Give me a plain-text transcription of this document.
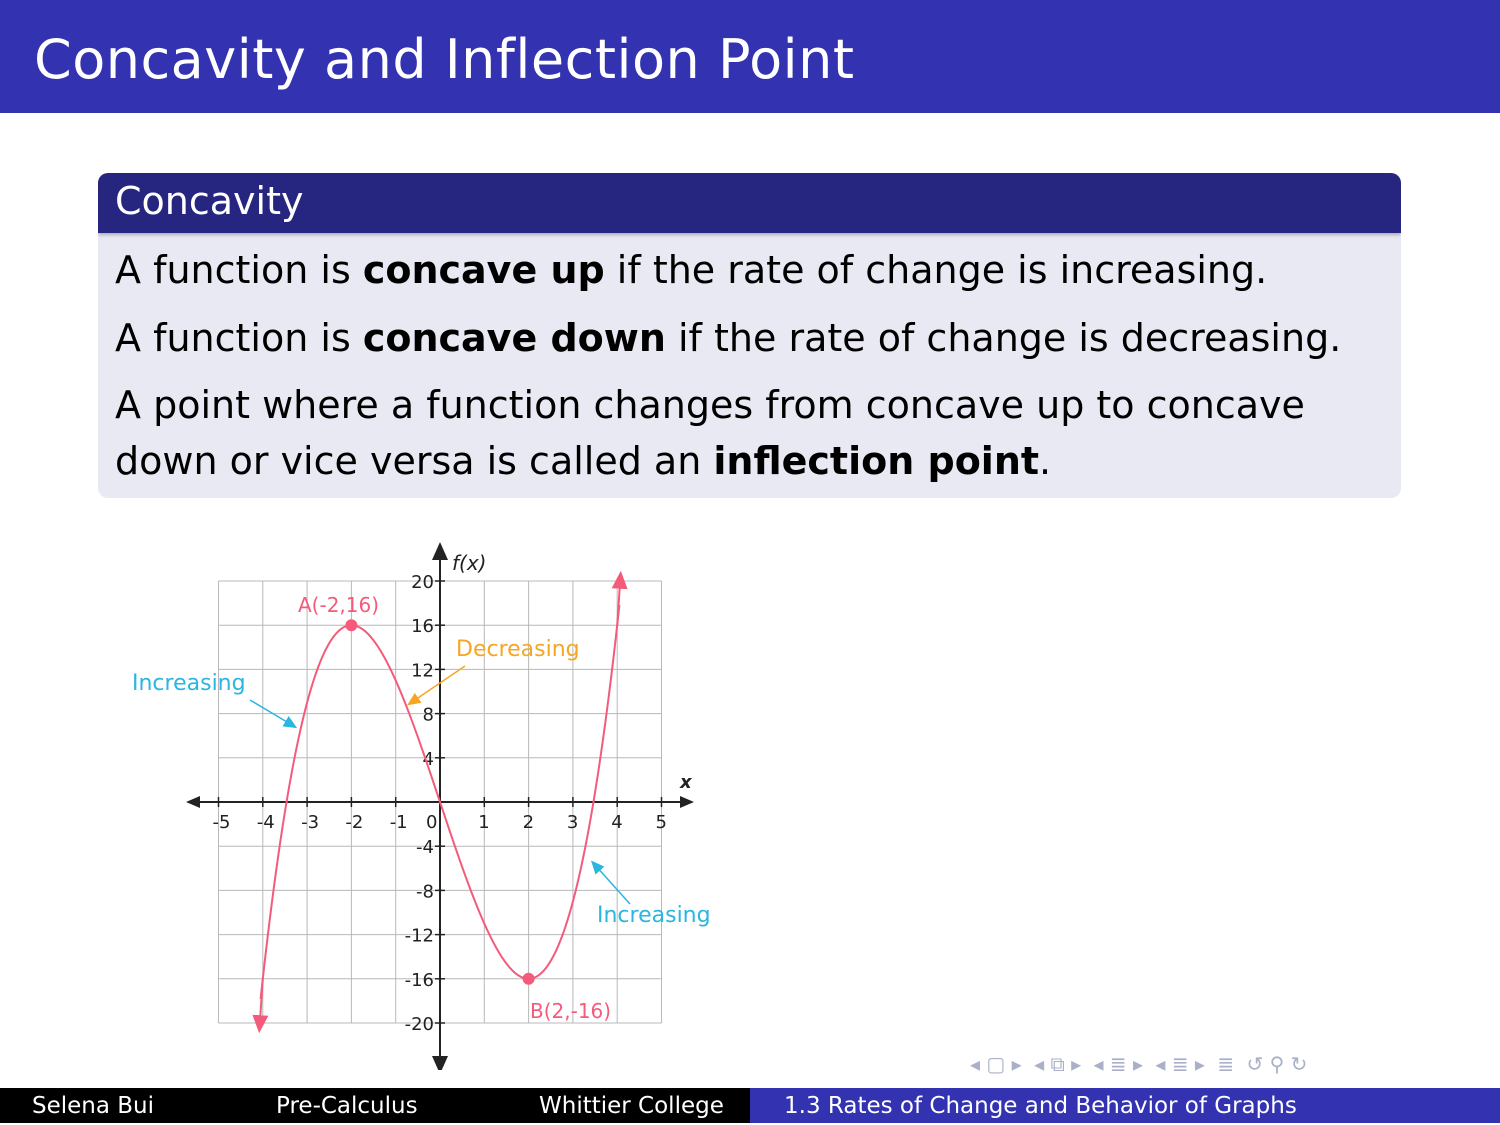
Concavity and Inflection Point
Concavity
A function is concave up if the rate of change is increasing.
A function is concave down if the rate of change is decreasing.
A point where a function changes from concave up to concave
down or vice versa is called an inflection point.
-5 -4 -3 -2 -1 0 1 2 3 4 5
20
16
12
8
4
-4
-8
-12
-16
-20
f(x)
x
A(-2,16)
B(2,-16)
Increasing
Decreasing
Increasing
◂ ▢ ▸ ◂ ⧉ ▸ ◂ ≣ ▸ ◂ ≣ ▸ ≣ ↺ ⚲ ↻
Selena Bui	Pre-Calculus	Whittier College	1.3 Rates of Change and Behavior of Graphs
